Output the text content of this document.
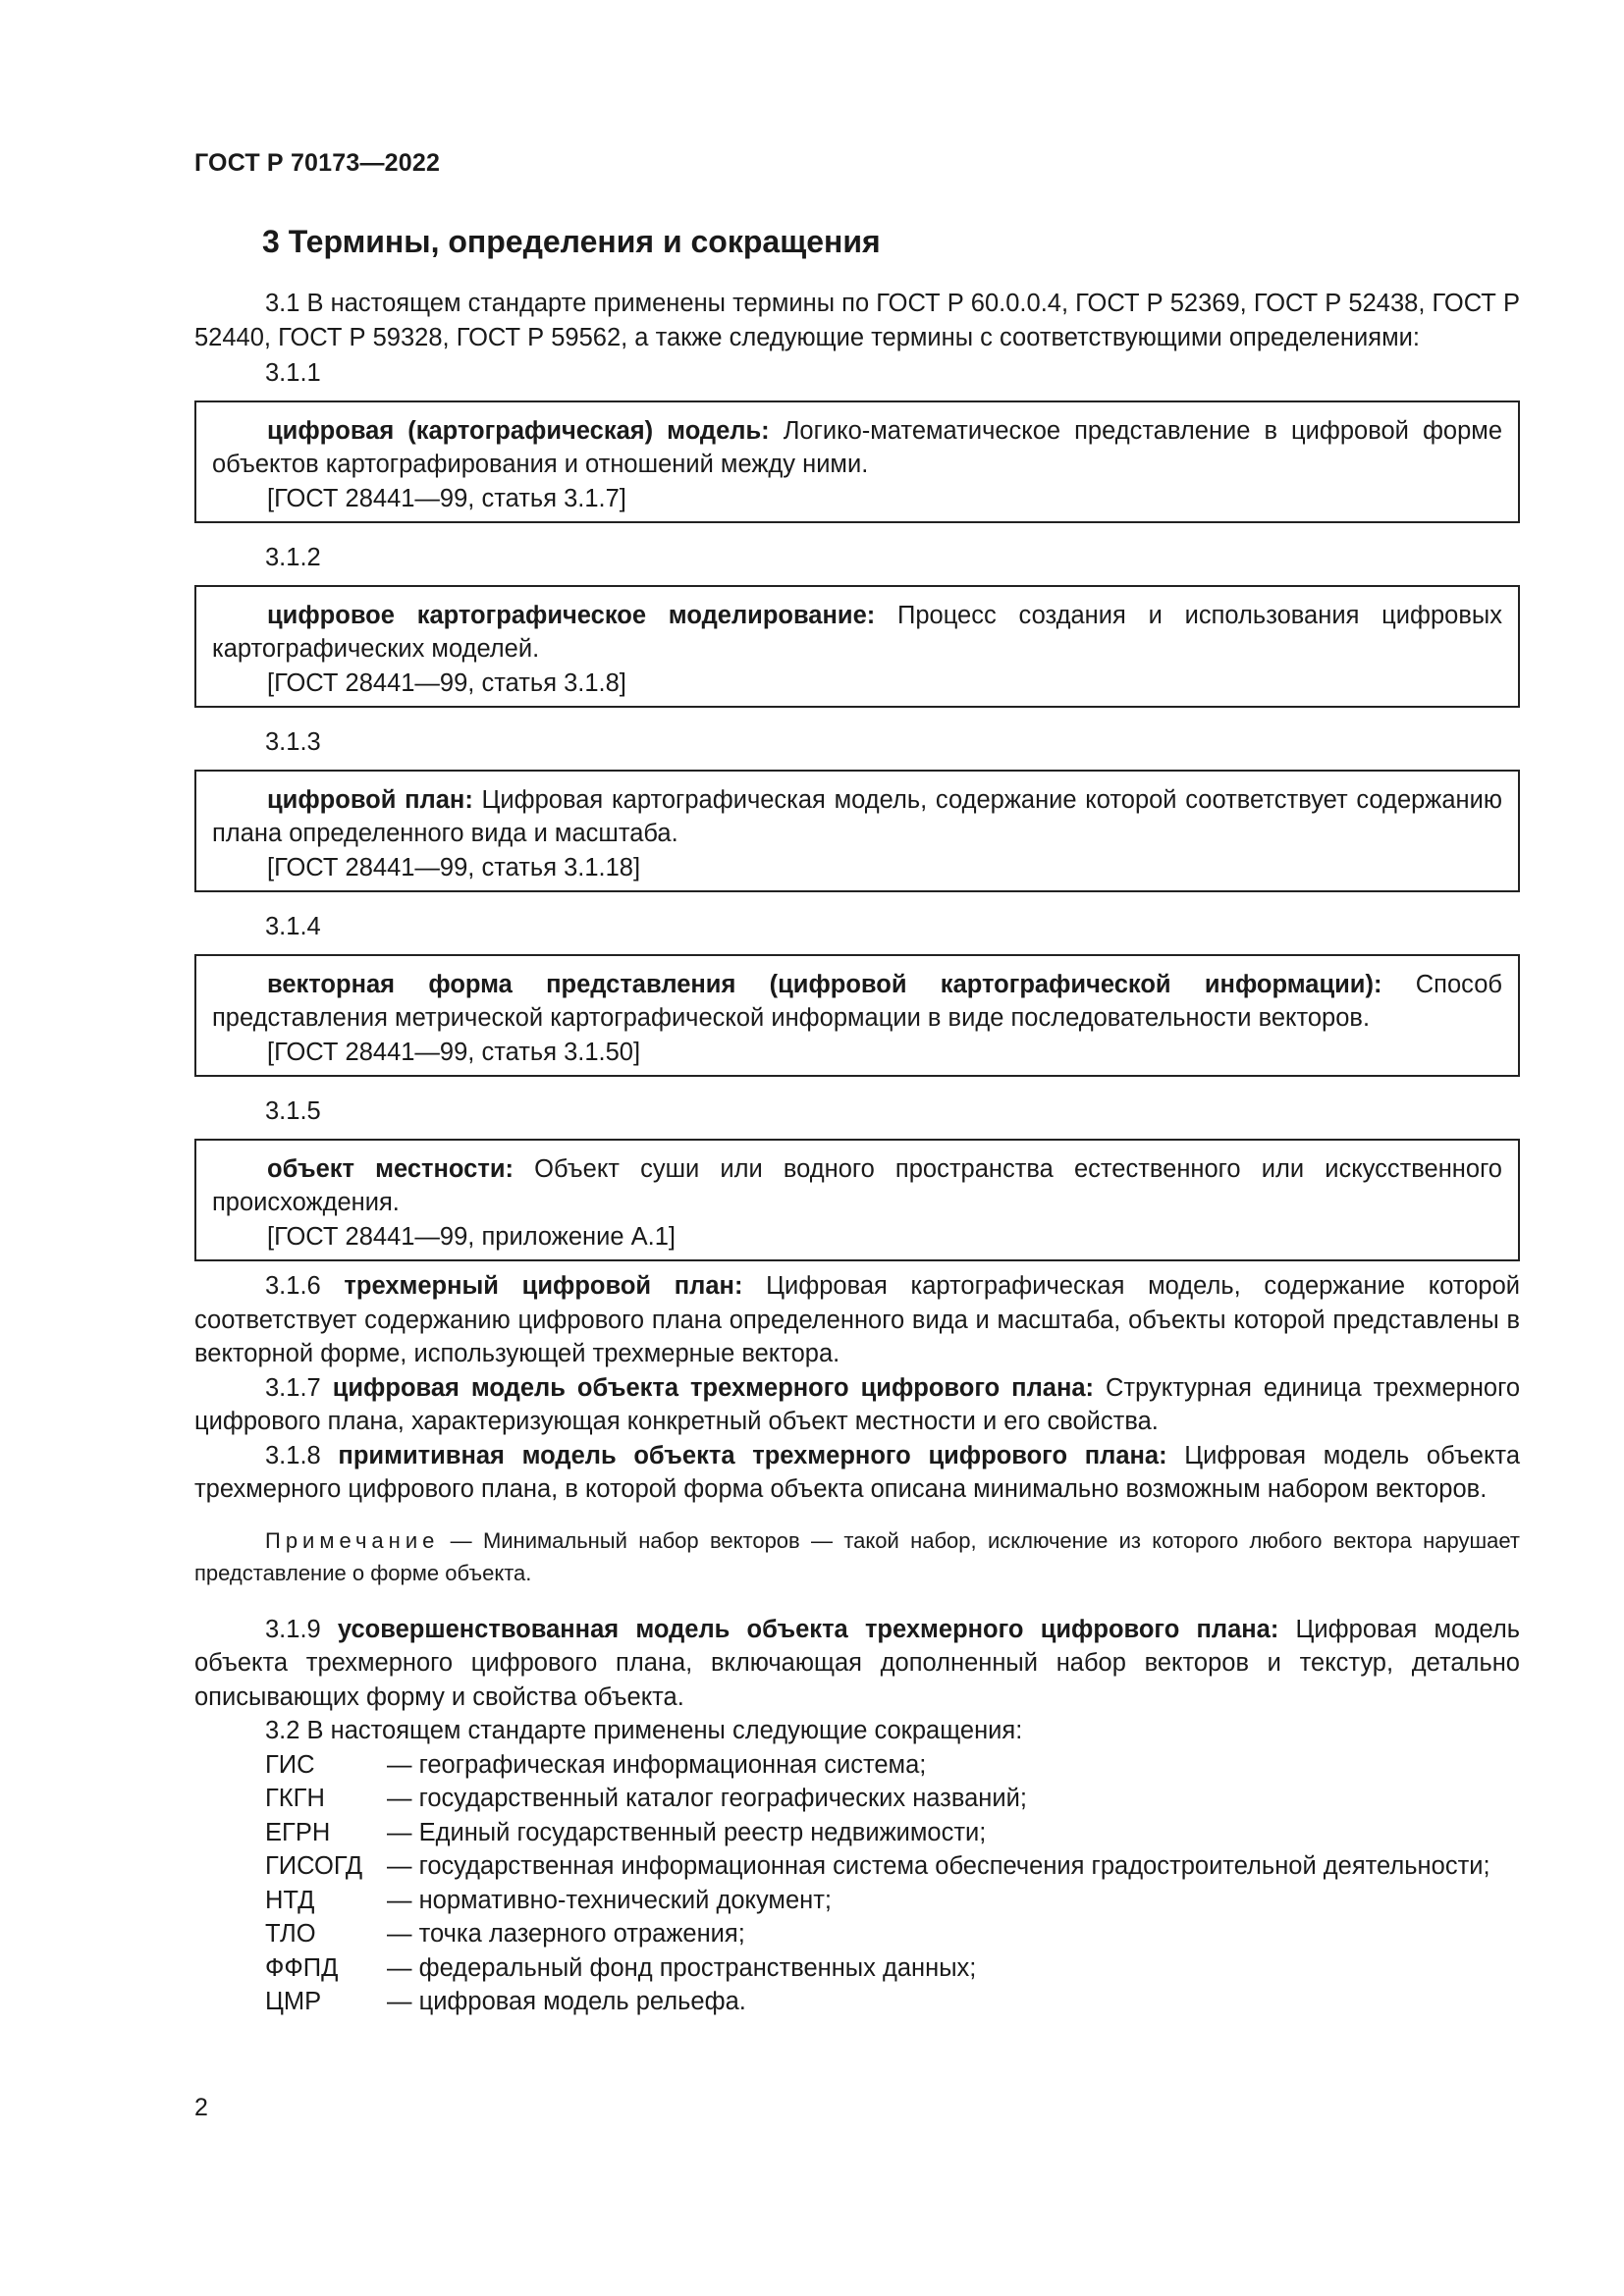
ГОСТ Р 70173—2022
3 Термины, определения и сокращения

3.1 В настоящем стандарте применены термины по ГОСТ Р 60.0.0.4, ГОСТ Р 52369, ГОСТ Р 52438, ГОСТ Р 52440, ГОСТ Р 59328, ГОСТ Р 59562, а также следующие термины с соответствующими определениями:

3.1.1

цифровая (картографическая) модель: Логико-математическое представление в цифровой форме объектов картографирования и отношений между ними.

[ГОСТ 28441—99, статья 3.1.7]
3.1.2

цифровое картографическое моделирование: Процесс создания и использования цифровых картографических моделей.

[ГОСТ 28441—99, статья 3.1.8]
3.1.3

цифровой план: Цифровая картографическая модель, содержание которой соответствует содержанию плана определенного вида и масштаба.

[ГОСТ 28441—99, статья 3.1.18]
3.1.4

векторная форма представления (цифровой картографической информации): Способ представления метрической картографической информации в виде последовательности векторов.

[ГОСТ 28441—99, статья 3.1.50]
3.1.5

объект местности: Объект суши или водного пространства естественного или искусственного происхождения.

[ГОСТ 28441—99, приложение А.1]

3.1.6 трехмерный цифровой план: Цифровая картографическая модель, содержание которой соответствует содержанию цифрового плана определенного вида и масштаба, объекты которой представлены в векторной форме, использующей трехмерные вектора.

3.1.7 цифровая модель объекта трехмерного цифрового плана: Структурная единица трехмерного цифрового плана, характеризующая конкретный объект местности и его свойства.

3.1.8 примитивная модель объекта трехмерного цифрового плана: Цифровая модель объекта трехмерного цифрового плана, в которой форма объекта описана минимально возможным набором векторов.

Примечание — Минимальный набор векторов — такой набор, исключение из которого любого вектора нарушает представление о форме объекта.

3.1.9 усовершенствованная модель объекта трехмерного цифрового плана: Цифровая модель объекта трехмерного цифрового плана, включающая дополненный набор векторов и текстур, детально описывающих форму и свойства объекта.

3.2 В настоящем стандарте применены следующие сокращения:

ГИС	— географическая информационная система;
ГКГН	— государственный каталог географических названий;
ЕГРН	— Единый государственный реестр недвижимости;
ГИСОГД — государственная информационная система обеспечения градостроительной деятельности;
НТД	— нормативно-технический документ;
ТЛО	— точка лазерного отражения;
ФФПД	— федеральный фонд пространственных данных;
ЦМР	— цифровая модель рельефа.
2
